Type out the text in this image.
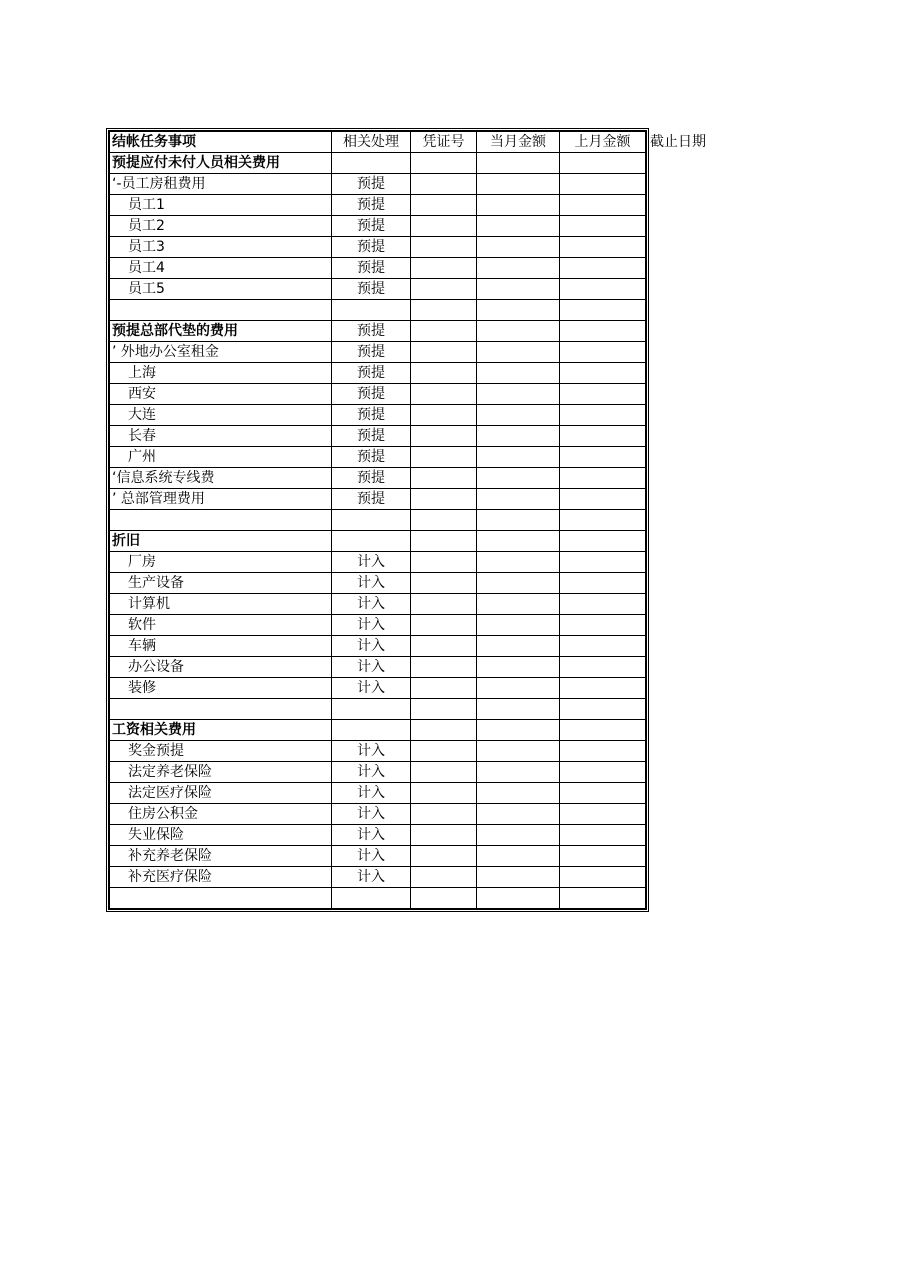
结帐任务事项	相关处理	凭证号	当月金额	上月金额
预提应付未付人员相关费用				
‘-员工房租费用	预提			
员工1	预提			
员工2	预提			
员工3	预提			
员工4	预提			
员工5	预提			

预提总部代垫的费用	预提			
’ 外地办公室租金	预提			
上海	预提			
西安	预提			
大连	预提			
长春	预提			
广州	预提			
‘信息系统专线费	预提			
’ 总部管理费用	预提			

折旧				
厂房	计入			
生产设备	计入			
计算机	计入			
软件	计入			
车辆	计入			
办公设备	计入			
装修	计入			

工资相关费用				
奖金预提	计入			
法定养老保险	计入			
法定医疗保险	计入			
住房公积金	计入			
失业保险	计入			
补充养老保险	计入			
补充医疗保险	计入			

截止日期
